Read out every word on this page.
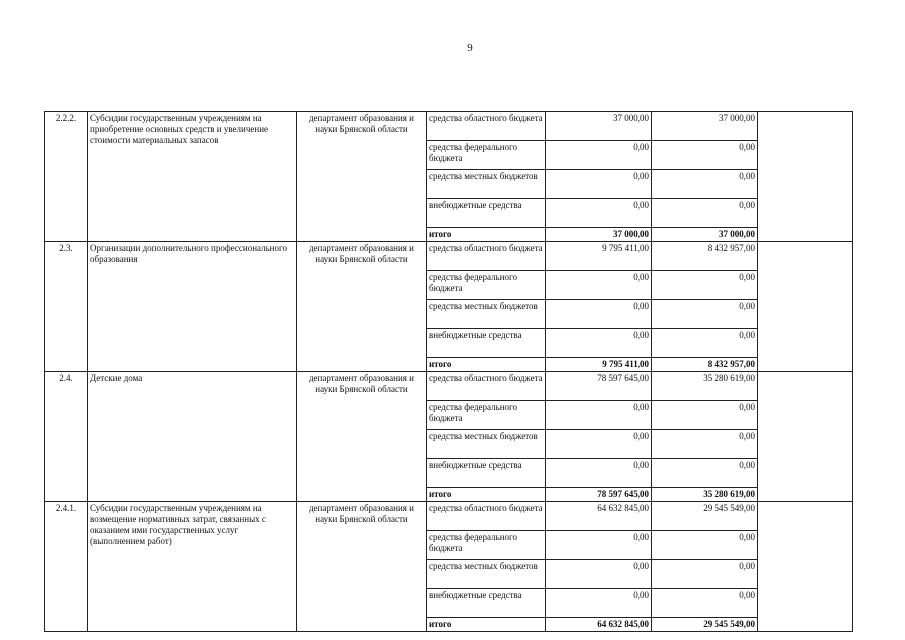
9
2.2.2.	Субсидии государственным учреждениям на приобретение основных средств и увеличение стоимости материальных запасов	департамент образования и науки Брянской области	средства областного бюджета	37 000,00	37 000,00	
			средства федерального бюджета	0,00	0,00	
			средства местных бюджетов	0,00	0,00	
			внебюджетные средства	0,00	0,00	
			итого	37 000,00	37 000,00	
2.3.	Организации дополнительного профессионального образования	департамент образования и науки Брянской области	средства областного бюджета	9 795 411,00	8 432 957,00	
			средства федерального бюджета	0,00	0,00	
			средства местных бюджетов	0,00	0,00	
			внебюджетные средства	0,00	0,00	
			итого	9 795 411,00	8 432 957,00	
2.4.	Детские дома	департамент образования и науки Брянской области	средства областного бюджета	78 597 645,00	35 280 619,00	
			средства федерального бюджета	0,00	0,00	
			средства местных бюджетов	0,00	0,00	
			внебюджетные средства	0,00	0,00	
			итого	78 597 645,00	35 280 619,00	
2.4.1.	Субсидии государственным учреждениям на возмещение нормативных затрат, связанных с оказанием ими государственных услуг (выполнением работ)	департамент образования и науки Брянской области	средства областного бюджета	64 632 845,00	29 545 549,00	
			средства федерального бюджета	0,00	0,00	
			средства местных бюджетов	0,00	0,00	
			внебюджетные средства	0,00	0,00	
			итого	64 632 845,00	29 545 549,00	
